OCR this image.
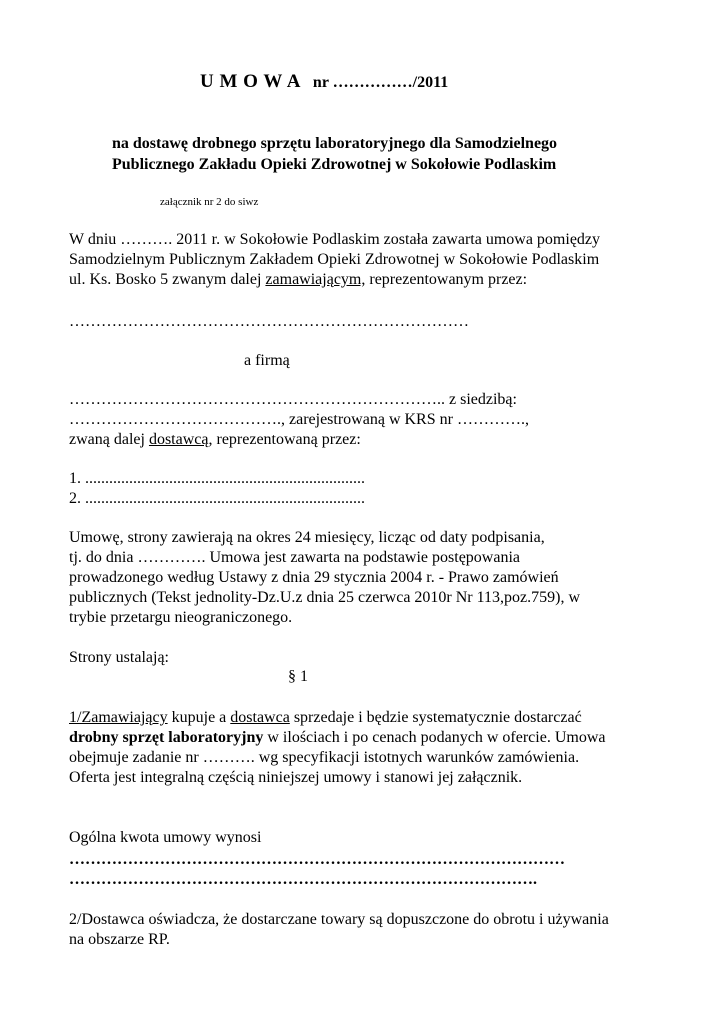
U M O W A nr ……………/2011
na dostawę drobnego sprzętu laboratoryjnego dla Samodzielnego
Publicznego Zakładu Opieki Zdrowotnej w Sokołowie Podlaskim
załącznik nr 2 do siwz
W dniu ………. 2011 r. w Sokołowie Podlaskim została zawarta umowa pomiędzy
Samodzielnym Publicznym Zakładem Opieki Zdrowotnej w Sokołowie Podlaskim
ul. Ks. Bosko 5 zwanym dalej zamawiającym, reprezentowanym przez:
…………………………………………………………………
a firmą
…………………………………………………………….. z siedzibą:
…………………………………., zarejestrowaną w KRS nr ………….,
zwaną dalej dostawcą, reprezentowaną przez:
1. ......................................................................
2. ......................................................................
Umowę, strony zawierają na okres 24 miesięcy, licząc od daty podpisania,
tj. do dnia …………. Umowa jest zawarta na podstawie postępowania
prowadzonego według Ustawy z dnia 29 stycznia 2004 r. - Prawo zamówień
publicznych (Tekst jednolity-Dz.U.z dnia 25 czerwca 2010r Nr 113,poz.759), w
trybie przetargu nieograniczonego.
Strony ustalają:
§ 1
1/Zamawiający kupuje a dostawca sprzedaje i będzie systematycznie dostarczać
drobny sprzęt laboratoryjny w ilościach i po cenach podanych w ofercie. Umowa
obejmuje zadanie nr ………. wg specyfikacji istotnych warunków zamówienia.
Oferta jest integralną częścią niniejszej umowy i stanowi jej załącznik.
Ogólna kwota umowy wynosi
…………………………………………………………………………………
…………………………………………………………………………….
2/Dostawca oświadcza, że dostarczane towary są dopuszczone do obrotu i używania
na obszarze RP.
